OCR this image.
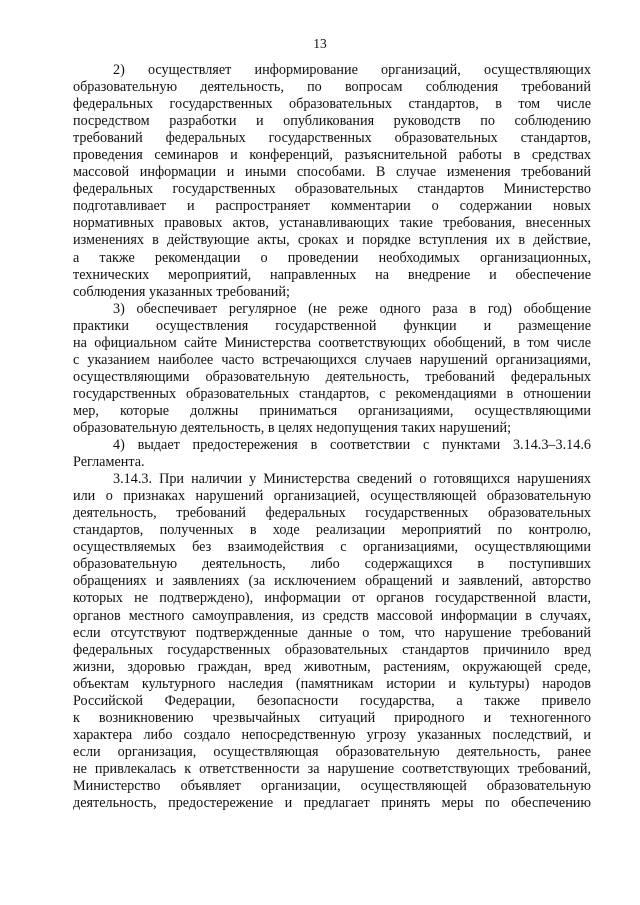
13
2) осуществляет информирование организаций, осуществляющих
образовательную деятельность, по вопросам соблюдения требований
федеральных государственных образовательных стандартов, в том числе
посредством разработки и опубликования руководств по соблюдению
требований федеральных государственных образовательных стандартов,
проведения семинаров и конференций, разъяснительной работы в средствах
массовой информации и иными способами. В случае изменения требований
федеральных государственных образовательных стандартов Министерство
подготавливает и распространяет комментарии о содержании новых
нормативных правовых актов, устанавливающих такие требования, внесенных
изменениях в действующие акты, сроках и порядке вступления их в действие,
а также рекомендации о проведении необходимых организационных,
технических мероприятий, направленных на внедрение и обеспечение
соблюдения указанных требований;
3) обеспечивает регулярное (не реже одного раза в год) обобщение
практики осуществления государственной функции и размещение
на официальном сайте Министерства соответствующих обобщений, в том числе
с указанием наиболее часто встречающихся случаев нарушений организациями,
осуществляющими образовательную деятельность, требований федеральных
государственных образовательных стандартов, с рекомендациями в отношении
мер, которые должны приниматься организациями, осуществляющими
образовательную деятельность, в целях недопущения таких нарушений;
4) выдает предостережения в соответствии с пунктами 3.14.3–3.14.6
Регламента.
3.14.3. При наличии у Министерства сведений о готовящихся нарушениях
или о признаках нарушений организацией, осуществляющей образовательную
деятельность, требований федеральных государственных образовательных
стандартов, полученных в ходе реализации мероприятий по контролю,
осуществляемых без взаимодействия с организациями, осуществляющими
образовательную деятельность, либо содержащихся в поступивших
обращениях и заявлениях (за исключением обращений и заявлений, авторство
которых не подтверждено), информации от органов государственной власти,
органов местного самоуправления, из средств массовой информации в случаях,
если отсутствуют подтвержденные данные о том, что нарушение требований
федеральных государственных образовательных стандартов причинило вред
жизни, здоровью граждан, вред животным, растениям, окружающей среде,
объектам культурного наследия (памятникам истории и культуры) народов
Российской Федерации, безопасности государства, а также привело
к возникновению чрезвычайных ситуаций природного и техногенного
характера либо создало непосредственную угрозу указанных последствий, и
если организация, осуществляющая образовательную деятельность, ранее
не привлекалась к ответственности за нарушение соответствующих требований,
Министерство объявляет организации, осуществляющей образовательную
деятельность, предостережение и предлагает принять меры по обеспечению
